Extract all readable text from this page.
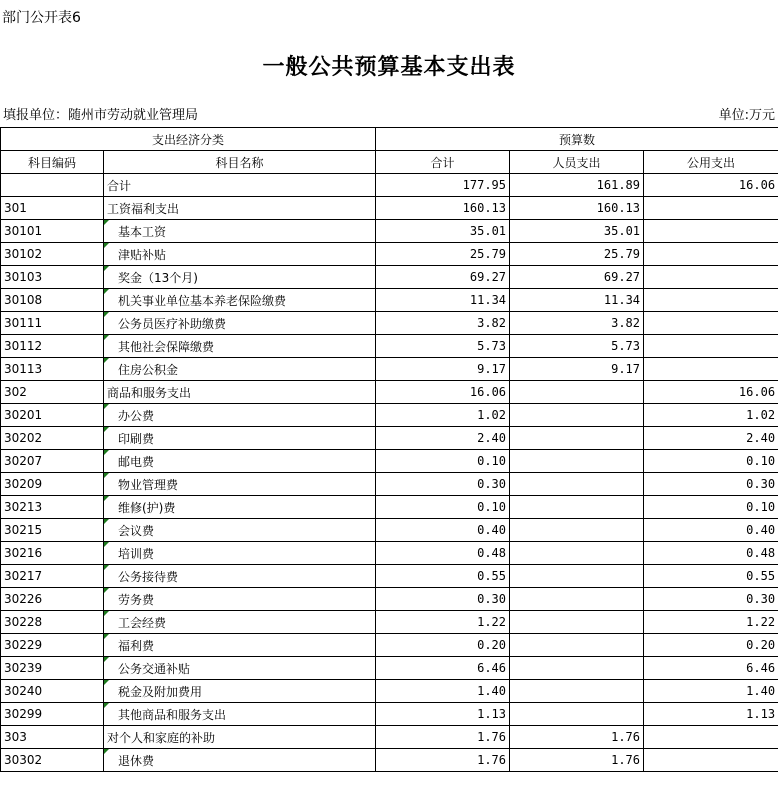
部门公开表6
一般公共预算基本支出表
填报单位：随州市劳动就业管理局	单位:万元
支出经济分类		预算数		
科目编码	科目名称	合计	人员支出	公用支出
	合计	177.95	161.89	16.06
301	工资福利支出	160.13	160.13	
30101	基本工资	35.01	35.01	
30102	津贴补贴	25.79	25.79	
30103	奖金（13个月)	69.27	69.27	
30108	机关事业单位基本养老保险缴费	11.34	11.34	
30111	公务员医疗补助缴费	3.82	3.82	
30112	其他社会保障缴费	5.73	5.73	
30113	住房公积金	9.17	9.17	
302	商品和服务支出	16.06		16.06
30201	办公费	1.02		1.02
30202	印刷费	2.40		2.40
30207	邮电费	0.10		0.10
30209	物业管理费	0.30		0.30
30213	维修(护)费	0.10		0.10
30215	会议费	0.40		0.40
30216	培训费	0.48		0.48
30217	公务接待费	0.55		0.55
30226	劳务费	0.30		0.30
30228	工会经费	1.22		1.22
30229	福利费	0.20		0.20
30239	公务交通补贴	6.46		6.46
30240	税金及附加费用	1.40		1.40
30299	其他商品和服务支出	1.13		1.13
303	对个人和家庭的补助	1.76	1.76	
30302	退休费	1.76	1.76	
